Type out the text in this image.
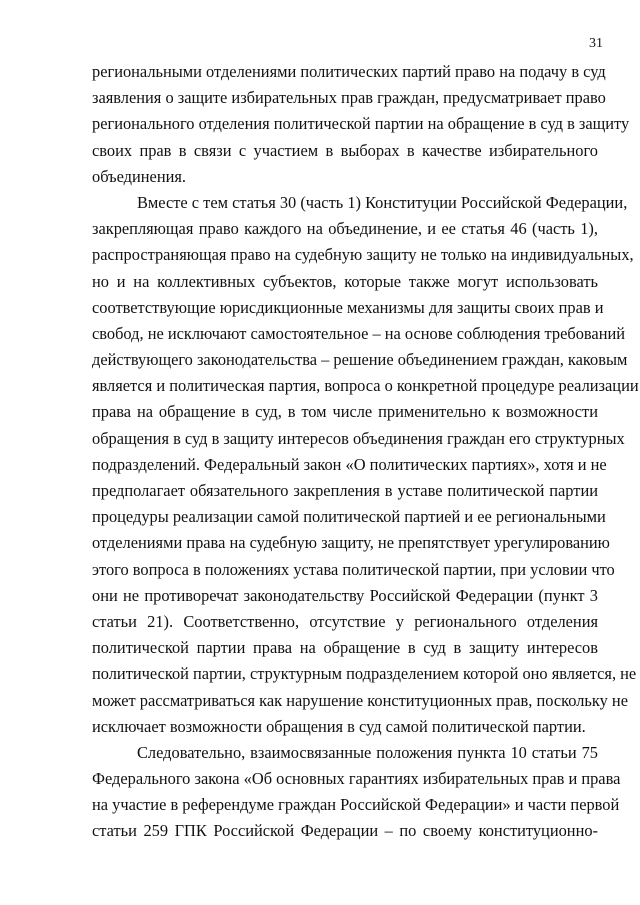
31
региональными отделениями политических партий право на подачу в суд
заявления о защите избирательных прав граждан, предусматривает право
регионального отделения политической партии на обращение в суд в защиту
своих прав в связи с участием в выборах в качестве избирательного
объединения.
Вместе с тем статья 30 (часть 1) Конституции Российской Федерации,
закрепляющая право каждого на объединение, и ее статья 46 (часть 1),
распространяющая право на судебную защиту не только на индивидуальных,
но и на коллективных субъектов, которые также могут использовать
соответствующие юрисдикционные механизмы для защиты своих прав и
свобод, не исключают самостоятельное – на основе соблюдения требований
действующего законодательства – решение объединением граждан, каковым
является и политическая партия, вопроса о конкретной процедуре реализации
права на обращение в суд, в том числе применительно к возможности
обращения в суд в защиту интересов объединения граждан его структурных
подразделений. Федеральный закон «О политических партиях», хотя и не
предполагает обязательного закрепления в уставе политической партии
процедуры реализации самой политической партией и ее региональными
отделениями права на судебную защиту, не препятствует урегулированию
этого вопроса в положениях устава политической партии, при условии что
они не противоречат законодательству Российской Федерации (пункт 3
статьи 21). Соответственно, отсутствие у регионального отделения
политической партии права на обращение в суд в защиту интересов
политической партии, структурным подразделением которой оно является, не
может рассматриваться как нарушение конституционных прав, поскольку не
исключает возможности обращения в суд самой политической партии.
Следовательно, взаимосвязанные положения пункта 10 статьи 75
Федерального закона «Об основных гарантиях избирательных прав и права
на участие в референдуме граждан Российской Федерации» и части первой
статьи 259 ГПК Российской Федерации – по своему конституционно-
